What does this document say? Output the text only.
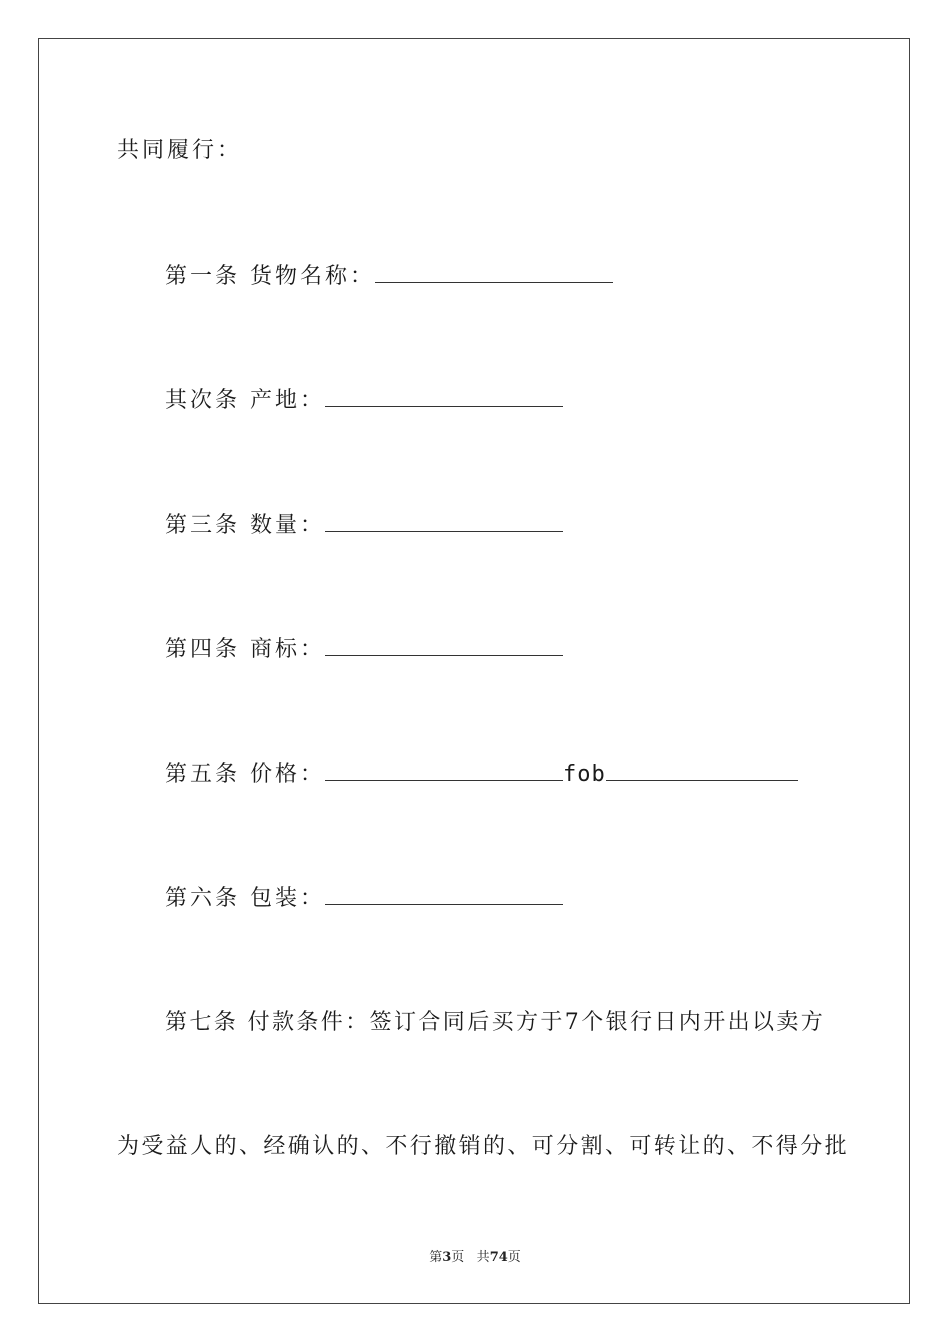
共同履行：
第一条 货物名称：
其次条 产地：
第三条 数量：
第四条 商标：
第五条 价格：	fob
第六条 包装：
第七条 付款条件：签订合同后买方于7个银行日内开出以卖方
为受益人的、经确认的、不行撤销的、可分割、可转让的、不得分批
第3页 共74页
